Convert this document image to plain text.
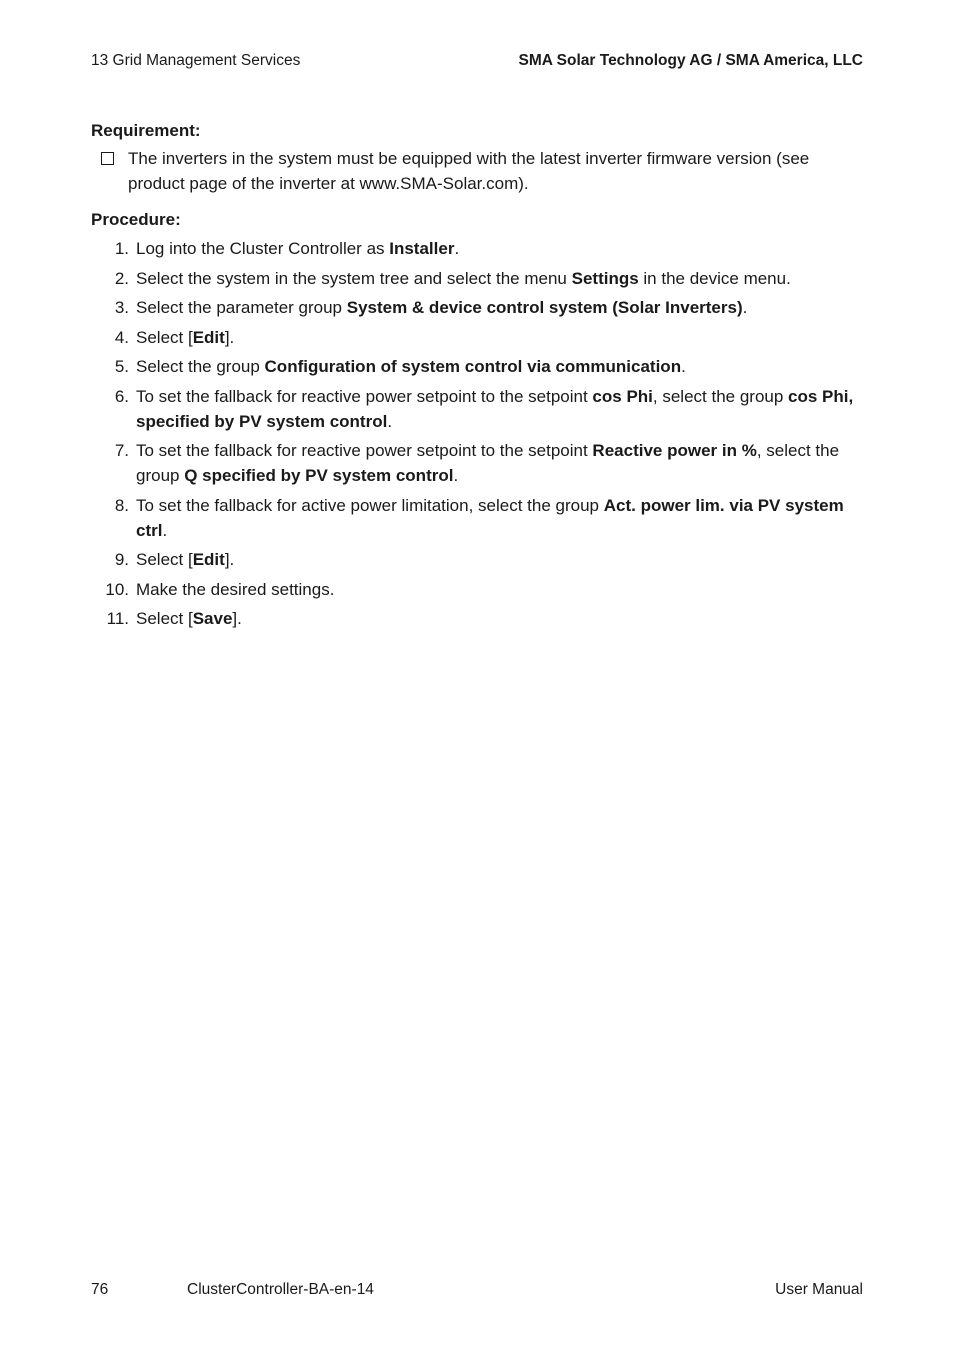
13 Grid Management Services	SMA Solar Technology AG / SMA America, LLC

Requirement:

The inverters in the system must be equipped with the latest inverter firmware version (see product page of the inverter at www.SMA-Solar.com).

Procedure:

1. Log into the Cluster Controller as Installer.
2. Select the system in the system tree and select the menu Settings in the device menu.
3. Select the parameter group System & device control system (Solar Inverters).
4. Select [Edit].
5. Select the group Configuration of system control via communication.
6. To set the fallback for reactive power setpoint to the setpoint cos Phi, select the group cos Phi, specified by PV system control.
7. To set the fallback for reactive power setpoint to the setpoint Reactive power in %, select the group Q specified by PV system control.
8. To set the fallback for active power limitation, select the group Act. power lim. via PV system ctrl.
9. Select [Edit].
10. Make the desired settings.
11. Select [Save].
76	ClusterController-BA-en-14	User Manual
